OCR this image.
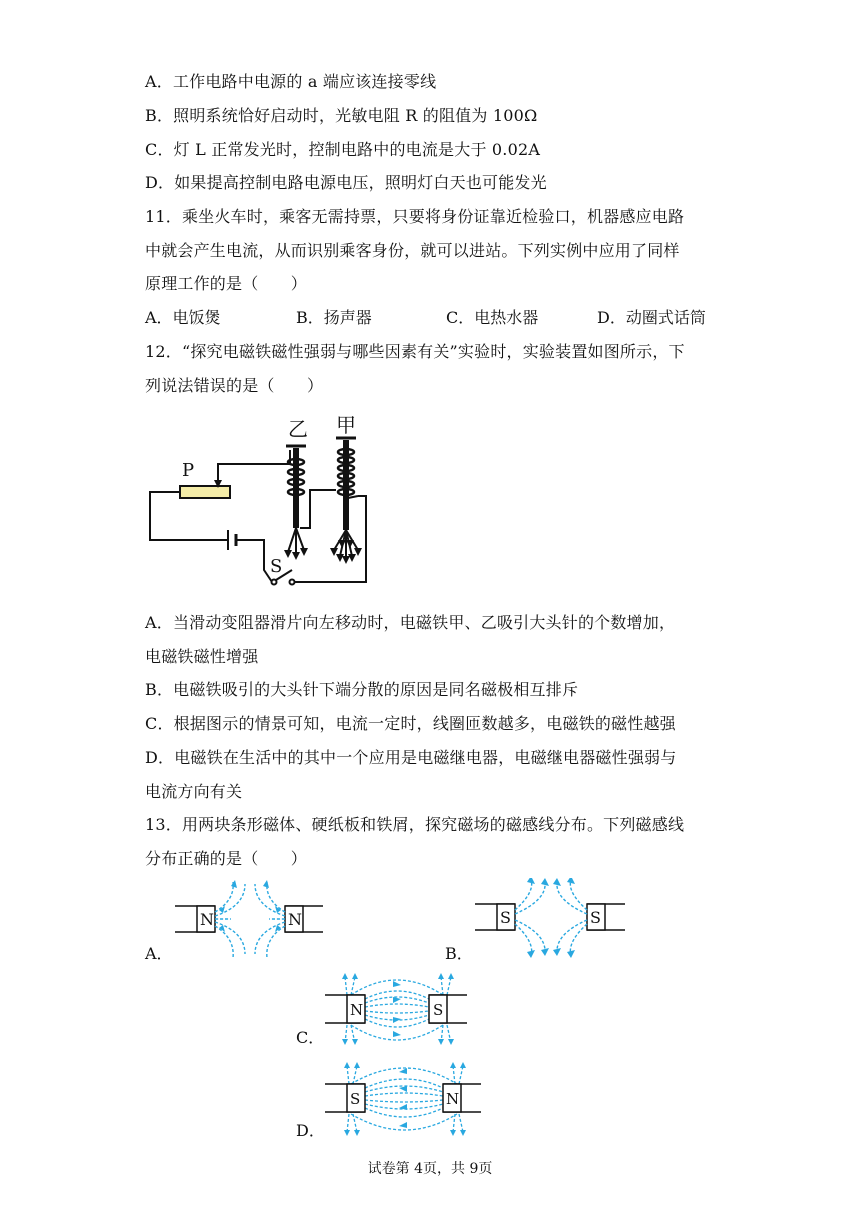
A．工作电路中电源的 a 端应该连接零线
B．照明系统恰好启动时，光敏电阻 R 的阻值为 100Ω
C．灯 L 正常发光时，控制电路中的电流是大于 0.02A
D．如果提高控制电路电源电压，照明灯白天也可能发光
11．乘坐火车时，乘客无需持票，只要将身份证靠近检验口，机器感应电路
中就会产生电流，从而识别乘客身份，就可以进站。下列实例中应用了同样
原理工作的是（　　）
A．电饭煲	B．扬声器	C．电热水器	D．动圈式话筒
12．“探究电磁铁磁性强弱与哪些因素有关”实验时，实验装置如图所示，下
列说法错误的是（　　）
乙 甲
P
S
A．当滑动变阻器滑片向左移动时，电磁铁甲、乙吸引大头针的个数增加，
电磁铁磁性增强
B．电磁铁吸引的大头针下端分散的原因是同名磁极相互排斥
C．根据图示的情景可知，电流一定时，线圈匝数越多，电磁铁的磁性越强
D．电磁铁在生活中的其中一个应用是电磁继电器，电磁继电器磁性强弱与
电流方向有关
13．用两块条形磁体、硬纸板和铁屑，探究磁场的磁感线分布。下列磁感线
分布正确的是（　　）
A．
N	N
B．
S	S
C．
N	S
D．
S	N
试卷第 4页，共 9页
